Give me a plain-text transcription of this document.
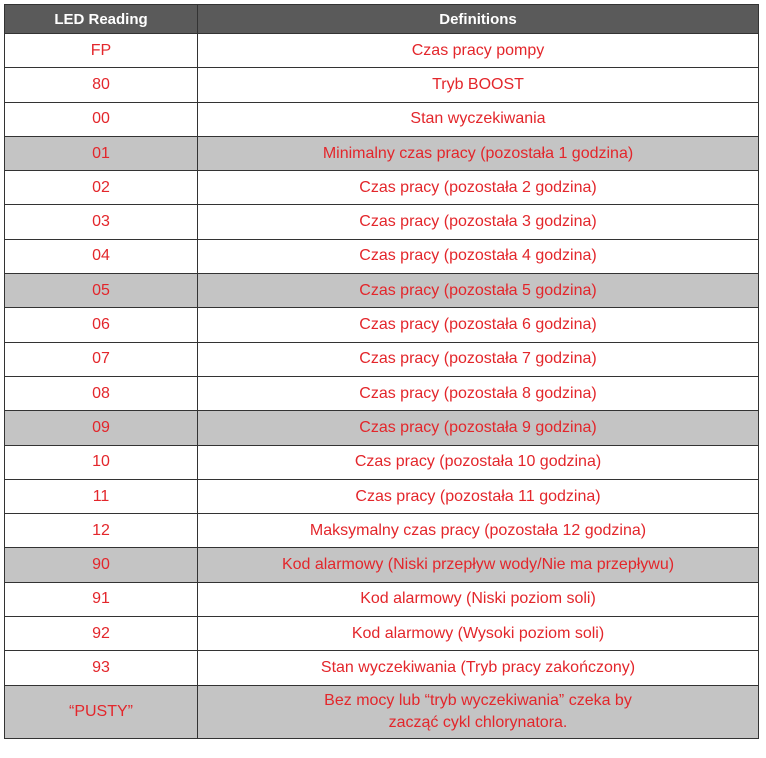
LED Reading	Definitions
FP	Czas pracy pompy
80	Tryb BOOST
00	Stan wyczekiwania
01	Minimalny czas pracy (pozostała 1 godzina)
02	Czas pracy (pozostała 2 godzina)
03	Czas pracy (pozostała 3 godzina)
04	Czas pracy (pozostała 4 godzina)
05	Czas pracy (pozostała 5 godzina)
06	Czas pracy (pozostała 6 godzina)
07	Czas pracy (pozostała 7 godzina)
08	Czas pracy (pozostała 8 godzina)
09	Czas pracy (pozostała 9 godzina)
10	Czas pracy (pozostała 10 godzina)
11	Czas pracy (pozostała 11 godzina)
12	Maksymalny czas pracy (pozostała 12 godzina)
90	Kod alarmowy (Niski przepływ wody/Nie ma przepływu)
91	Kod alarmowy (Niski poziom soli)
92	Kod alarmowy (Wysoki poziom soli)
93	Stan wyczekiwania (Tryb pracy zakończony)
“PUSTY”	Bez mocy lub “tryb wyczekiwania” czeka by
zacząć cykl chlorynatora.
